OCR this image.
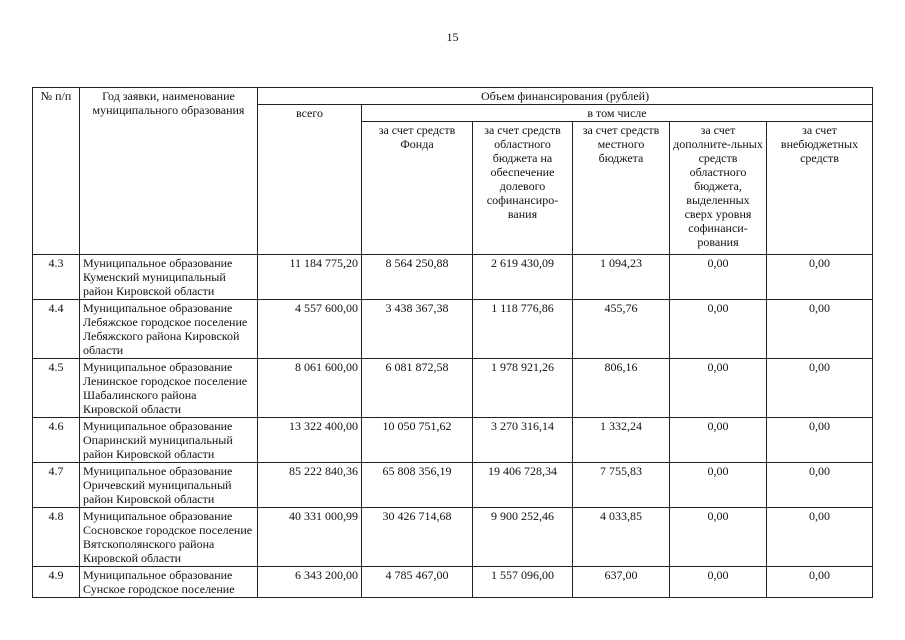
15
№ п/п	Год заявки, наименование муниципального образования	Объем финансирования (рублей)					
		всего	в том числе				
			за счет средств Фонда	за счет средств областного бюджета на обеспечение долевого софинансиро-вания	за счет средств местного бюджета	за счет дополните-льных средств областного бюджета, выделенных сверх уровня софинанси-рования	за счет внебюджетных средств
4.3	Муниципальное образование Куменский муниципальный район Кировской области	11 184 775,20	8 564 250,88	2 619 430,09	1 094,23	0,00	0,00
4.4	Муниципальное образование Лебяжское городское поселение Лебяжского района Кировской области	4 557 600,00	3 438 367,38	1 118 776,86	455,76	0,00	0,00
4.5	Муниципальное образование Ленинское городское поселение Шабалинского района Кировской области	8 061 600,00	6 081 872,58	1 978 921,26	806,16	0,00	0,00
4.6	Муниципальное образование Опаринский муниципальный район Кировской области	13 322 400,00	10 050 751,62	3 270 316,14	1 332,24	0,00	0,00
4.7	Муниципальное образование Оричевский муниципальный район Кировской области	85 222 840,36	65 808 356,19	19 406 728,34	7 755,83	0,00	0,00
4.8	Муниципальное образование Сосновское городское поселение Вятскополянского района Кировской области	40 331 000,99	30 426 714,68	9 900 252,46	4 033,85	0,00	0,00
4.9	Муниципальное образование Сунское городское поселение	6 343 200,00	4 785 467,00	1 557 096,00	637,00	0,00	0,00
